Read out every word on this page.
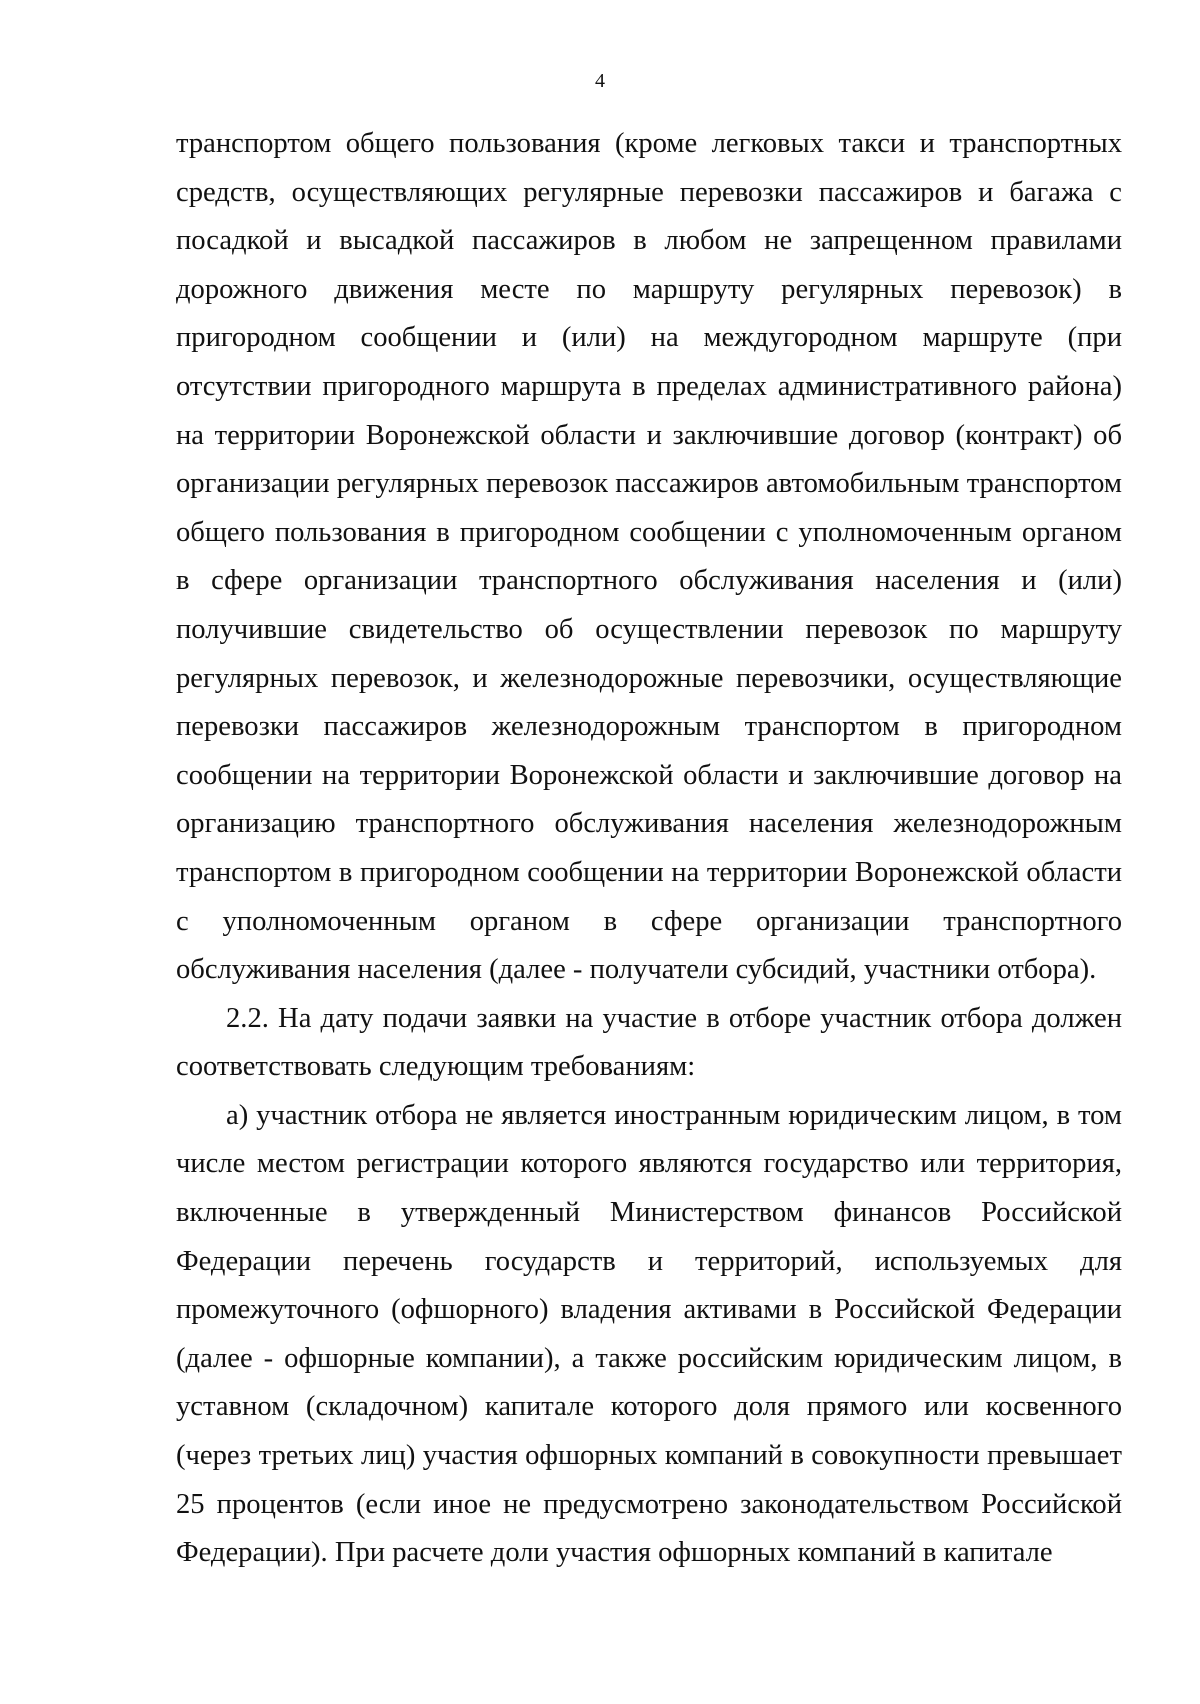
4

транспортом общего пользования (кроме легковых такси и транспортных средств, осуществляющих регулярные перевозки пассажиров и багажа с посадкой и высадкой пассажиров в любом не запрещенном правилами дорожного движения месте по маршруту регулярных перевозок) в пригородном сообщении и (или) на междугородном маршруте (при отсутствии пригородного маршрута в пределах административного района) на территории Воронежской области и заключившие договор (контракт) об организации регулярных перевозок пассажиров автомобильным транспортом общего пользования в пригородном сообщении с уполномоченным органом в сфере организации транспортного обслуживания населения и (или) получившие свидетельство об осуществлении перевозок по маршруту регулярных перевозок, и железнодорожные перевозчики, осуществляющие перевозки пассажиров железнодорожным транспортом в пригородном сообщении на территории Воронежской области и заключившие договор на организацию транспортного обслуживания населения железнодорожным транспортом в пригородном сообщении на территории Воронежской области с уполномоченным органом в сфере организации транспортного обслуживания населения (далее - получатели субсидий, участники отбора).

2.2. На дату подачи заявки на участие в отборе участник отбора должен соответствовать следующим требованиям:

а) участник отбора не является иностранным юридическим лицом, в том числе местом регистрации которого являются государство или территория, включенные в утвержденный Министерством финансов Российской Федерации перечень государств и территорий, используемых для промежуточного (офшорного) владения активами в Российской Федерации (далее - офшорные компании), а также российским юридическим лицом, в уставном (складочном) капитале которого доля прямого или косвенного (через третьих лиц) участия офшорных компаний в совокупности превышает 25 процентов (если иное не предусмотрено законодательством Российской Федерации). При расчете доли участия офшорных компаний в капитале
